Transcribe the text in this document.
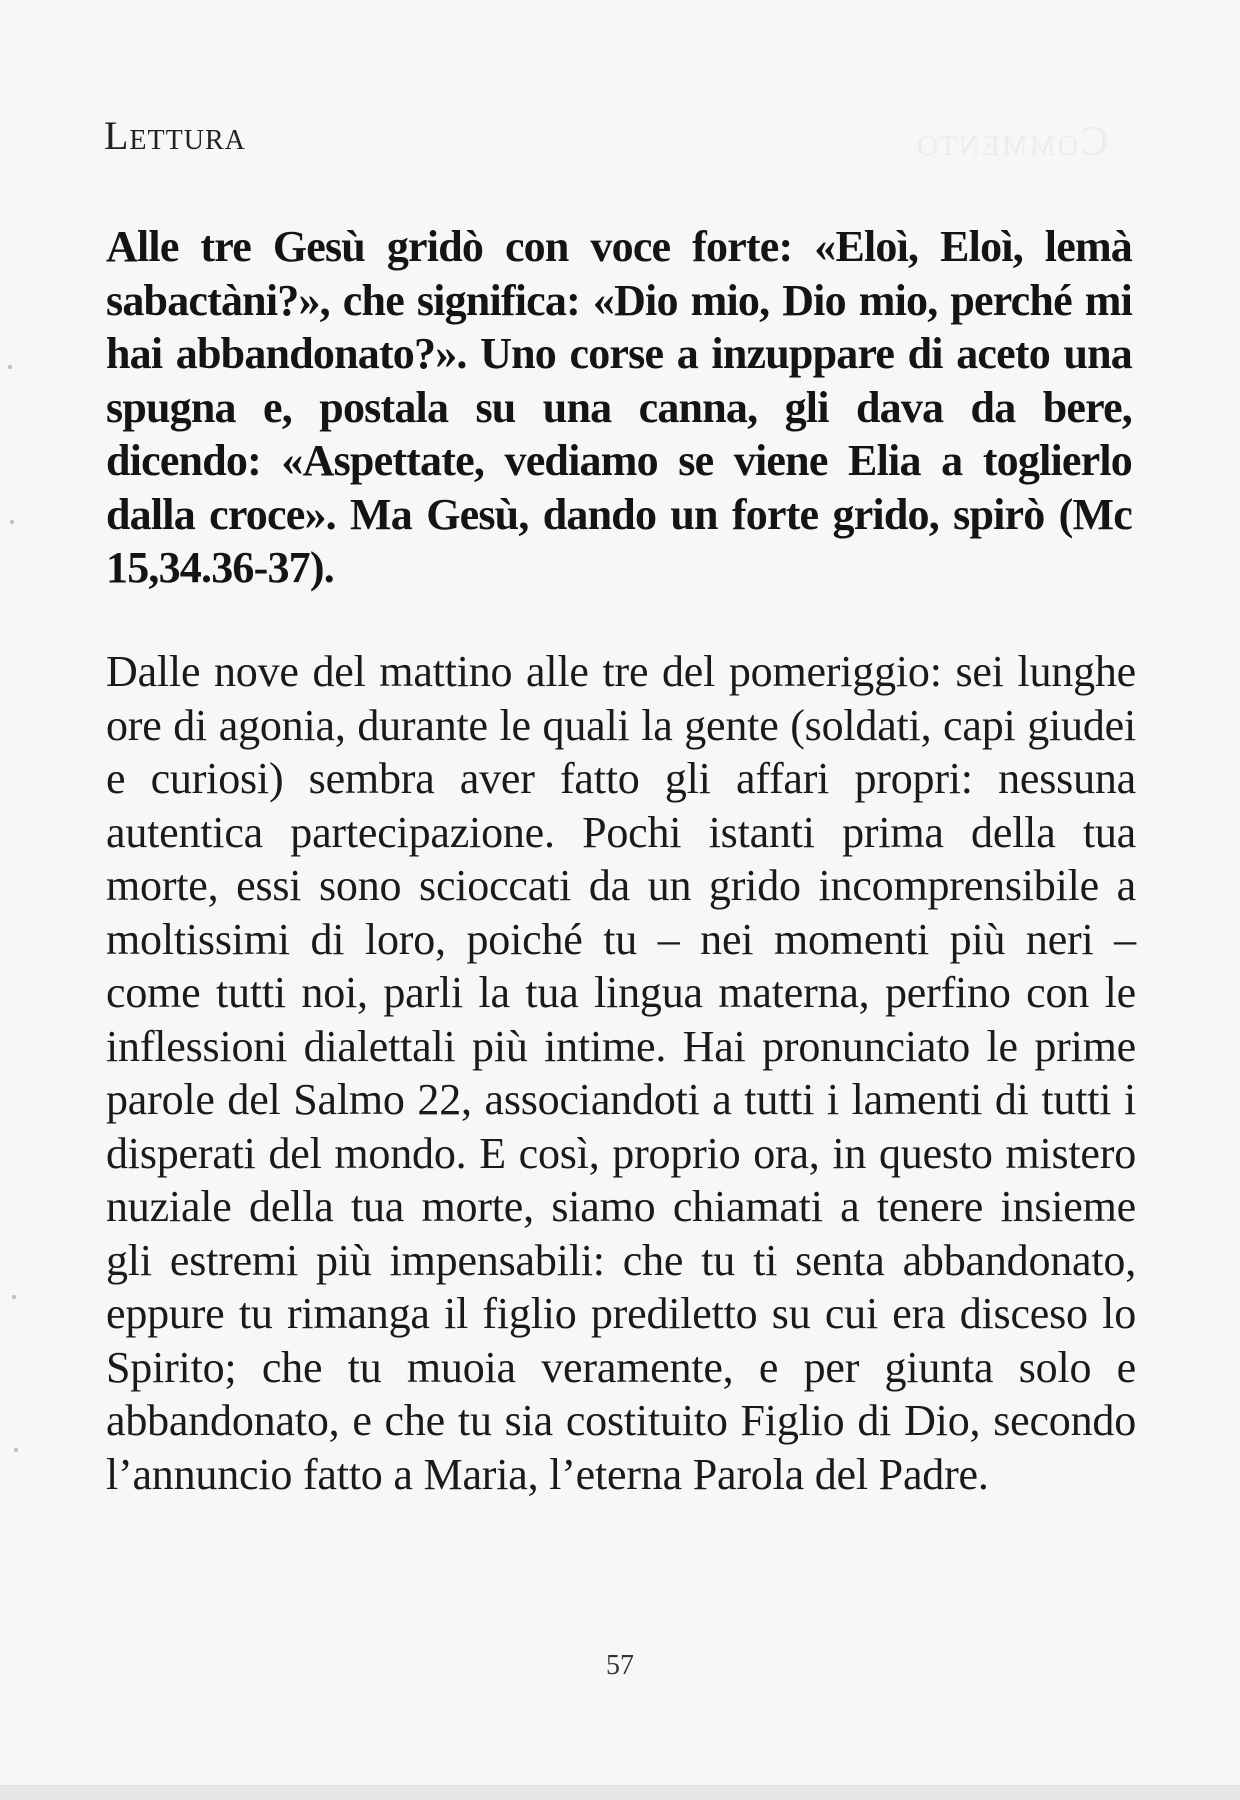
Commento
Lettura
Alle tre Gesù gridò con voce forte: «Eloì, Eloì, lemà sabactàni?», che significa: «Dio mio, Dio mio, perché mi hai abbandonato?». Uno corse a inzuppare di aceto una spugna e, postala su una canna, gli dava da bere, dicendo: «Aspettate, vediamo se viene Elia a toglierlo dalla croce». Ma Gesù, dando un forte grido, spirò (Mc 15,34.36-37).
Dalle nove del mattino alle tre del pomeriggio: sei lunghe ore di agonia, durante le quali la gente (soldati, capi giudei e curiosi) sembra aver fatto gli affari propri: nessuna autentica partecipazione. Pochi istanti prima della tua morte, essi sono scioccati da un grido incomprensibile a moltissimi di loro, poiché tu – nei momenti più neri – come tutti noi, parli la tua lingua materna, perfino con le inflessioni dialettali più intime. Hai pronunciato le prime parole del Salmo 22, associandoti a tutti i lamenti di tutti i disperati del mondo. E così, proprio ora, in questo mistero nuziale della tua morte, siamo chiamati a tenere insieme gli estremi più impensabili: che tu ti senta abbandonato, eppure tu rimanga il figlio prediletto su cui era disceso lo Spirito; che tu muoia veramente, e per giunta solo e abbandonato, e che tu sia costituito Figlio di Dio, secondo l’annuncio fatto a Maria, l’eterna Parola del Padre.
57
